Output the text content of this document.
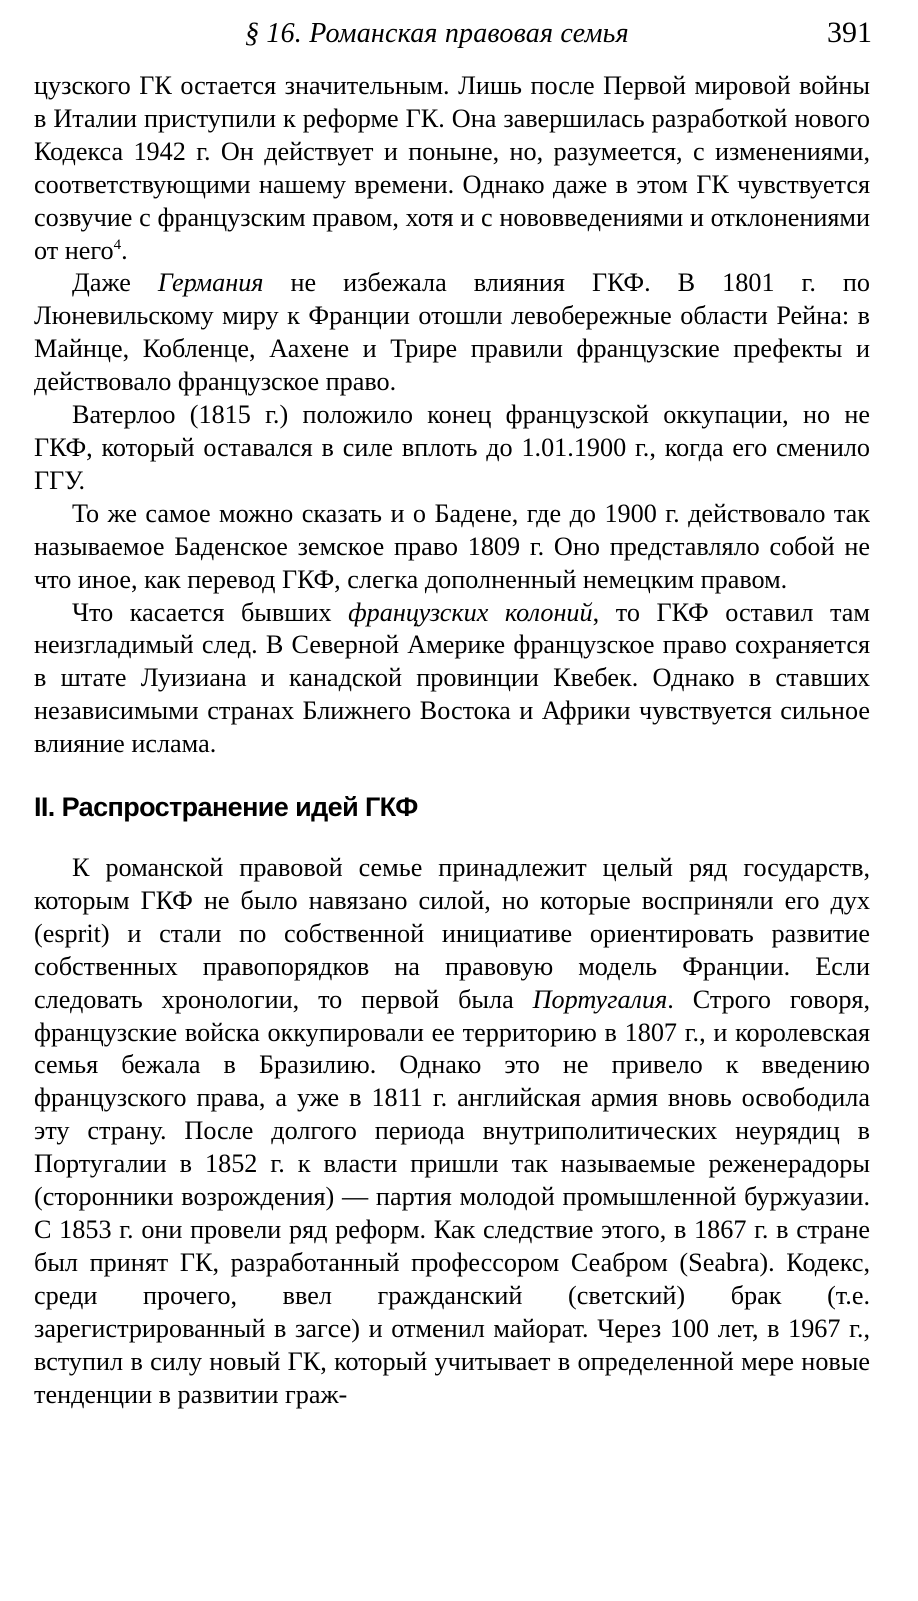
§ 16. Романская правовая семья	391

цузского ГК остается значительным. Лишь после Первой мировой войны в Италии приступили к реформе ГК. Она завершилась разработкой нового Кодекса 1942 г. Он действует и поныне, но, разумеется, с изменениями, соответствующими нашему времени. Однако даже в этом ГК чувствуется созвучие с французским правом, хотя и с нововведениями и отклонениями от него$^4$.

Даже Германия не избежала влияния ГКФ. В 1801 г. по Люневильскому миру к Франции отошли левобережные области Рейна: в Майнце, Кобленце, Аахене и Трире правили французские префекты и действовало французское право.

Ватерлоо (1815 г.) положило конец французской оккупации, но не ГКФ, который оставался в силе вплоть до 1.01.1900 г., когда его сменило ГГУ.

То же самое можно сказать и о Бадене, где до 1900 г. действовало так называемое Баденское земское право 1809 г. Оно представляло собой не что иное, как перевод ГКФ, слегка дополненный немецким правом.

Что касается бывших французских колоний, то ГКФ оставил там неизгладимый след. В Северной Америке французское право сохраняется в штате Луизиана и канадской провинции Квебек. Однако в ставших независимыми странах Ближнего Востока и Африки чувствуется сильное влияние ислама.

II. Распространение идей ГКФ

К романской правовой семье принадлежит целый ряд государств, которым ГКФ не было навязано силой, но которые восприняли его дух (esprit) и стали по собственной инициативе ориентировать развитие собственных правопорядков на правовую модель Франции. Если следовать хронологии, то первой была Португалия. Строго говоря, французские войска оккупировали ее территорию в 1807 г., и королевская семья бежала в Бразилию. Однако это не привело к введению французского права, а уже в 1811 г. английская армия вновь освободила эту страну. После долгого периода внутриполитических неурядиц в Португалии в 1852 г. к власти пришли так называемые реженерадоры (сторонники возрождения) — партия молодой промышленной буржуазии. С 1853 г. они провели ряд реформ. Как следствие этого, в 1867 г. в стране был принят ГК, разработанный профессором Сеабром (Seabra). Кодекс, среди прочего, ввел гражданский (светский) брак (т.е. зарегистрированный в загсе) и отменил майорат. Через 100 лет, в 1967 г., вступил в силу новый ГК, который учитывает в определенной мере новые тенденции в развитии граж-
